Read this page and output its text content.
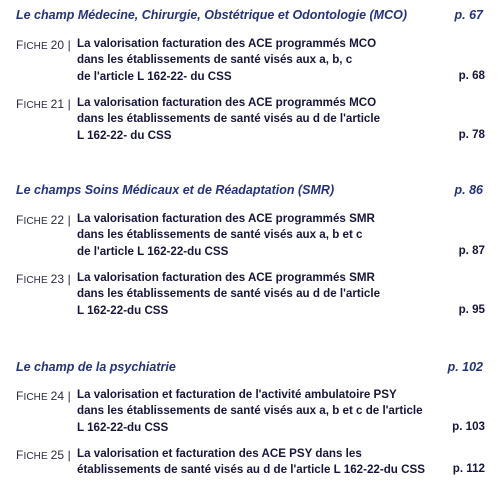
Le champ Médecine, Chirurgie, Obstétrique et Odontologie (MCO)	p. 67
FICHE 20 | La valorisation facturation des ACE programmés MCO
dans les établissements de santé visés aux a, b, c
de l'article L 162-22- du CSS	p. 68
FICHE 21 | La valorisation facturation des ACE programmés MCO
dans les établissements de santé visés au d de l'article
L 162-22- du CSS	p. 78
Le champs Soins Médicaux et de Réadaptation (SMR)	p. 86
FICHE 22 | La valorisation facturation des ACE programmés SMR
dans les établissements de santé visés aux a, b et c
de l'article L 162-22-du CSS	p. 87
FICHE 23 | La valorisation facturation des ACE programmés SMR
dans les établissements de santé visés au d de l'article
L 162-22-du CSS	p. 95
Le champ de la psychiatrie	p. 102
FICHE 24 | La valorisation et facturation de l'activité ambulatoire PSY
dans les établissements de santé visés aux a, b et c de l'article
L 162-22-du CSS	p. 103
FICHE 25 | La valorisation et facturation des ACE PSY dans les
établissements de santé visés au d de l'article L 162-22-du CSS	p. 112
